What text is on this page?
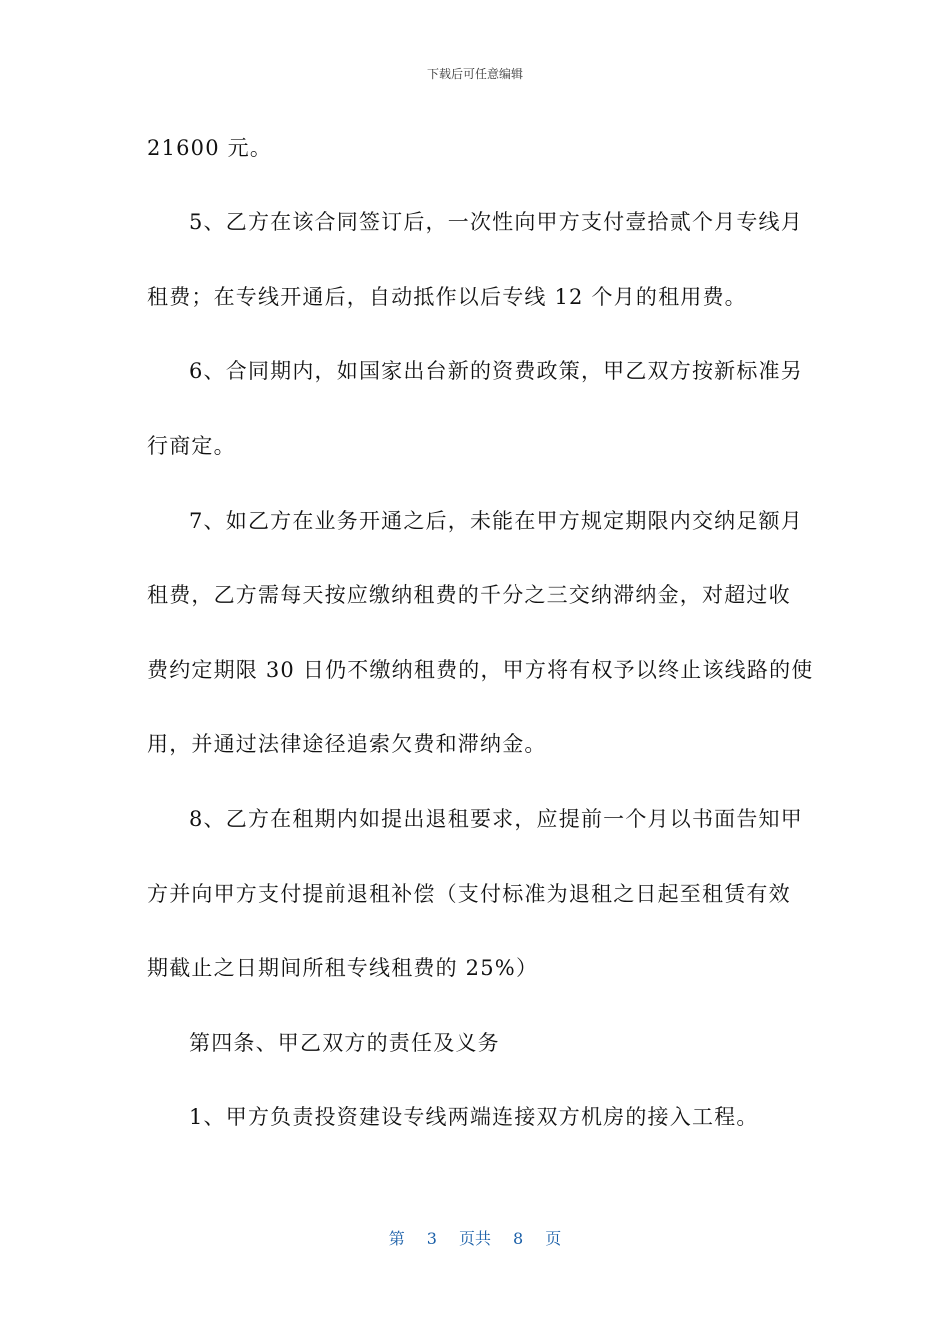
下载后可任意编辑

21600 元。

5、乙方在该合同签订后，一次性向甲方支付壹拾贰个月专线月

租费；在专线开通后，自动抵作以后专线 12 个月的租用费。

6、合同期内，如国家出台新的资费政策，甲乙双方按新标准另

行商定。

7、如乙方在业务开通之后，未能在甲方规定期限内交纳足额月

租费，乙方需每天按应缴纳租费的千分之三交纳滞纳金，对超过收

费约定期限 30 日仍不缴纳租费的，甲方将有权予以终止该线路的使

用，并通过法律途径追索欠费和滞纳金。

8、乙方在租期内如提出退租要求，应提前一个月以书面告知甲

方并向甲方支付提前退租补偿（支付标准为退租之日起至租赁有效

期截止之日期间所租专线租费的 25%）

第四条、甲乙双方的责任及义务

1、甲方负责投资建设专线两端连接双方机房的接入工程。

第 3 页共 8 页
